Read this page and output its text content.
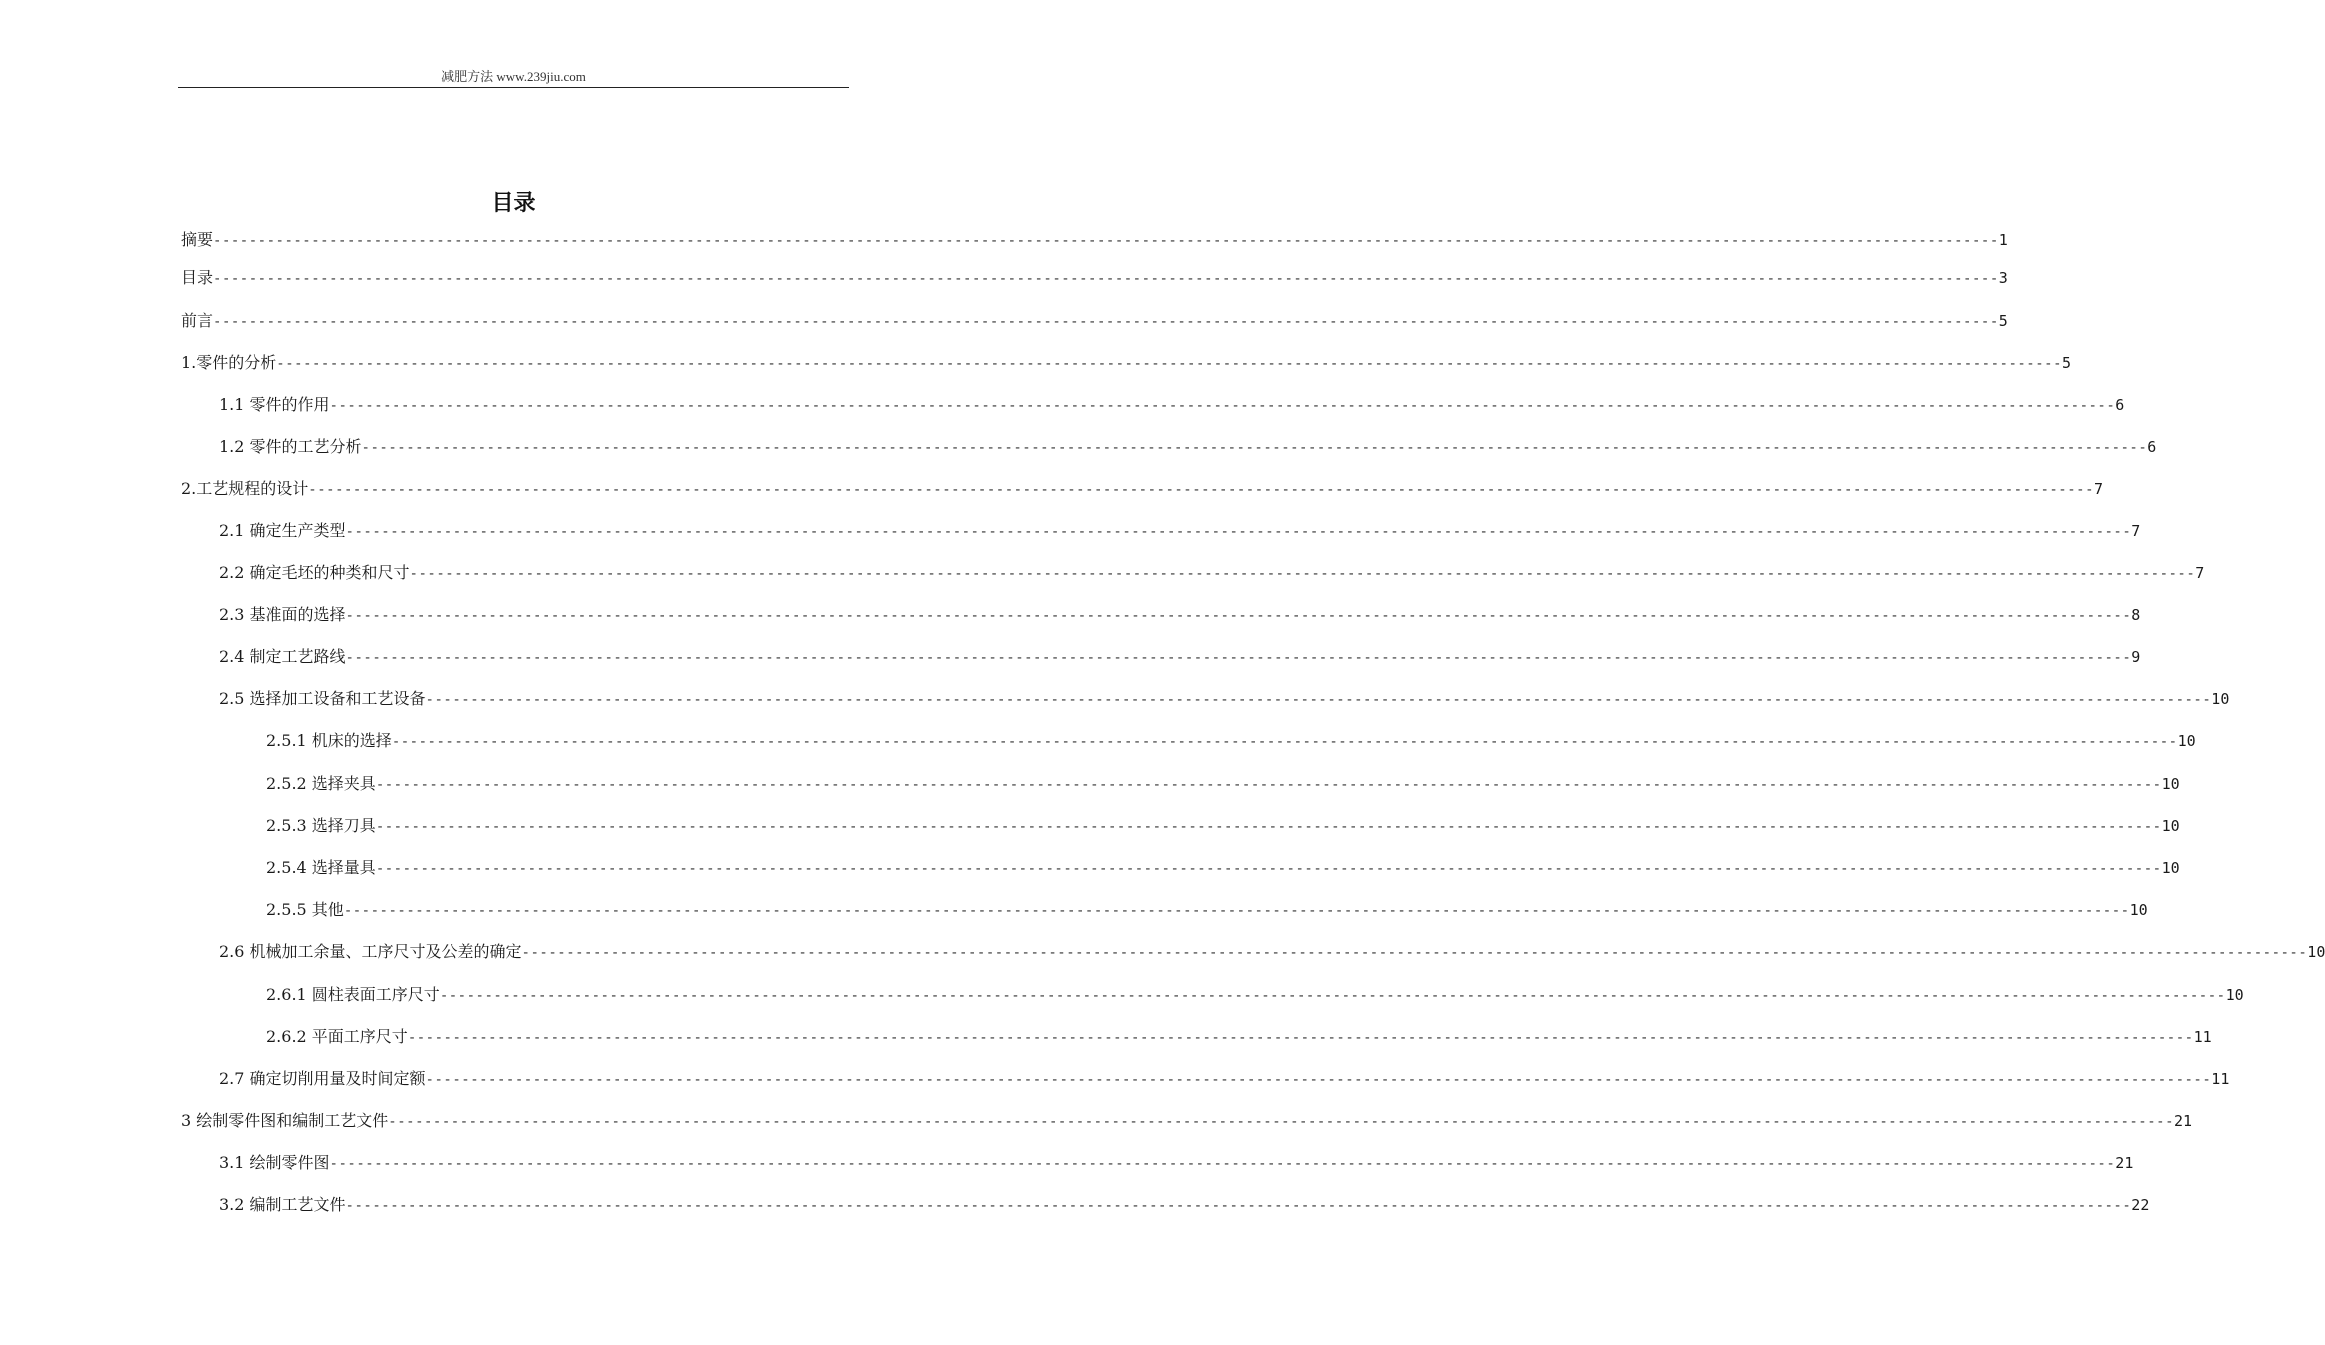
减肥方法 www.239jiu.com
目录
摘要 -------------------------------------------------------------------------------------------------------------------------------------------------------------------------------------------------------- 1
目录 -------------------------------------------------------------------------------------------------------------------------------------------------------------------------------------------------------- 3
前言 -------------------------------------------------------------------------------------------------------------------------------------------------------------------------------------------------------- 5
1.零件的分析 -------------------------------------------------------------------------------------------------------------------------------------------------------------------------------------------------------- 5
1.1 零件的作用 -------------------------------------------------------------------------------------------------------------------------------------------------------------------------------------------------------- 6
1.2 零件的工艺分析 -------------------------------------------------------------------------------------------------------------------------------------------------------------------------------------------------------- 6
2.工艺规程的设计 -------------------------------------------------------------------------------------------------------------------------------------------------------------------------------------------------------- 7
2.1 确定生产类型 -------------------------------------------------------------------------------------------------------------------------------------------------------------------------------------------------------- 7
2.2 确定毛坯的种类和尺寸 -------------------------------------------------------------------------------------------------------------------------------------------------------------------------------------------------------- 7
2.3 基准面的选择 -------------------------------------------------------------------------------------------------------------------------------------------------------------------------------------------------------- 8
2.4 制定工艺路线 -------------------------------------------------------------------------------------------------------------------------------------------------------------------------------------------------------- 9
2.5 选择加工设备和工艺设备 -------------------------------------------------------------------------------------------------------------------------------------------------------------------------------------------------------- 10
2.5.1 机床的选择 -------------------------------------------------------------------------------------------------------------------------------------------------------------------------------------------------------- 10
2.5.2 选择夹具 -------------------------------------------------------------------------------------------------------------------------------------------------------------------------------------------------------- 10
2.5.3 选择刀具 -------------------------------------------------------------------------------------------------------------------------------------------------------------------------------------------------------- 10
2.5.4 选择量具 -------------------------------------------------------------------------------------------------------------------------------------------------------------------------------------------------------- 10
2.5.5 其他 -------------------------------------------------------------------------------------------------------------------------------------------------------------------------------------------------------- 10
2.6 机械加工余量、工序尺寸及公差的确定 -------------------------------------------------------------------------------------------------------------------------------------------------------------------------------------------------------- 10
2.6.1 圆柱表面工序尺寸 -------------------------------------------------------------------------------------------------------------------------------------------------------------------------------------------------------- 10
2.6.2 平面工序尺寸 -------------------------------------------------------------------------------------------------------------------------------------------------------------------------------------------------------- 11
2.7 确定切削用量及时间定额 -------------------------------------------------------------------------------------------------------------------------------------------------------------------------------------------------------- 11
3 绘制零件图和编制工艺文件 -------------------------------------------------------------------------------------------------------------------------------------------------------------------------------------------------------- 21
3.1 绘制零件图 -------------------------------------------------------------------------------------------------------------------------------------------------------------------------------------------------------- 21
3.2 编制工艺文件 -------------------------------------------------------------------------------------------------------------------------------------------------------------------------------------------------------- 22
